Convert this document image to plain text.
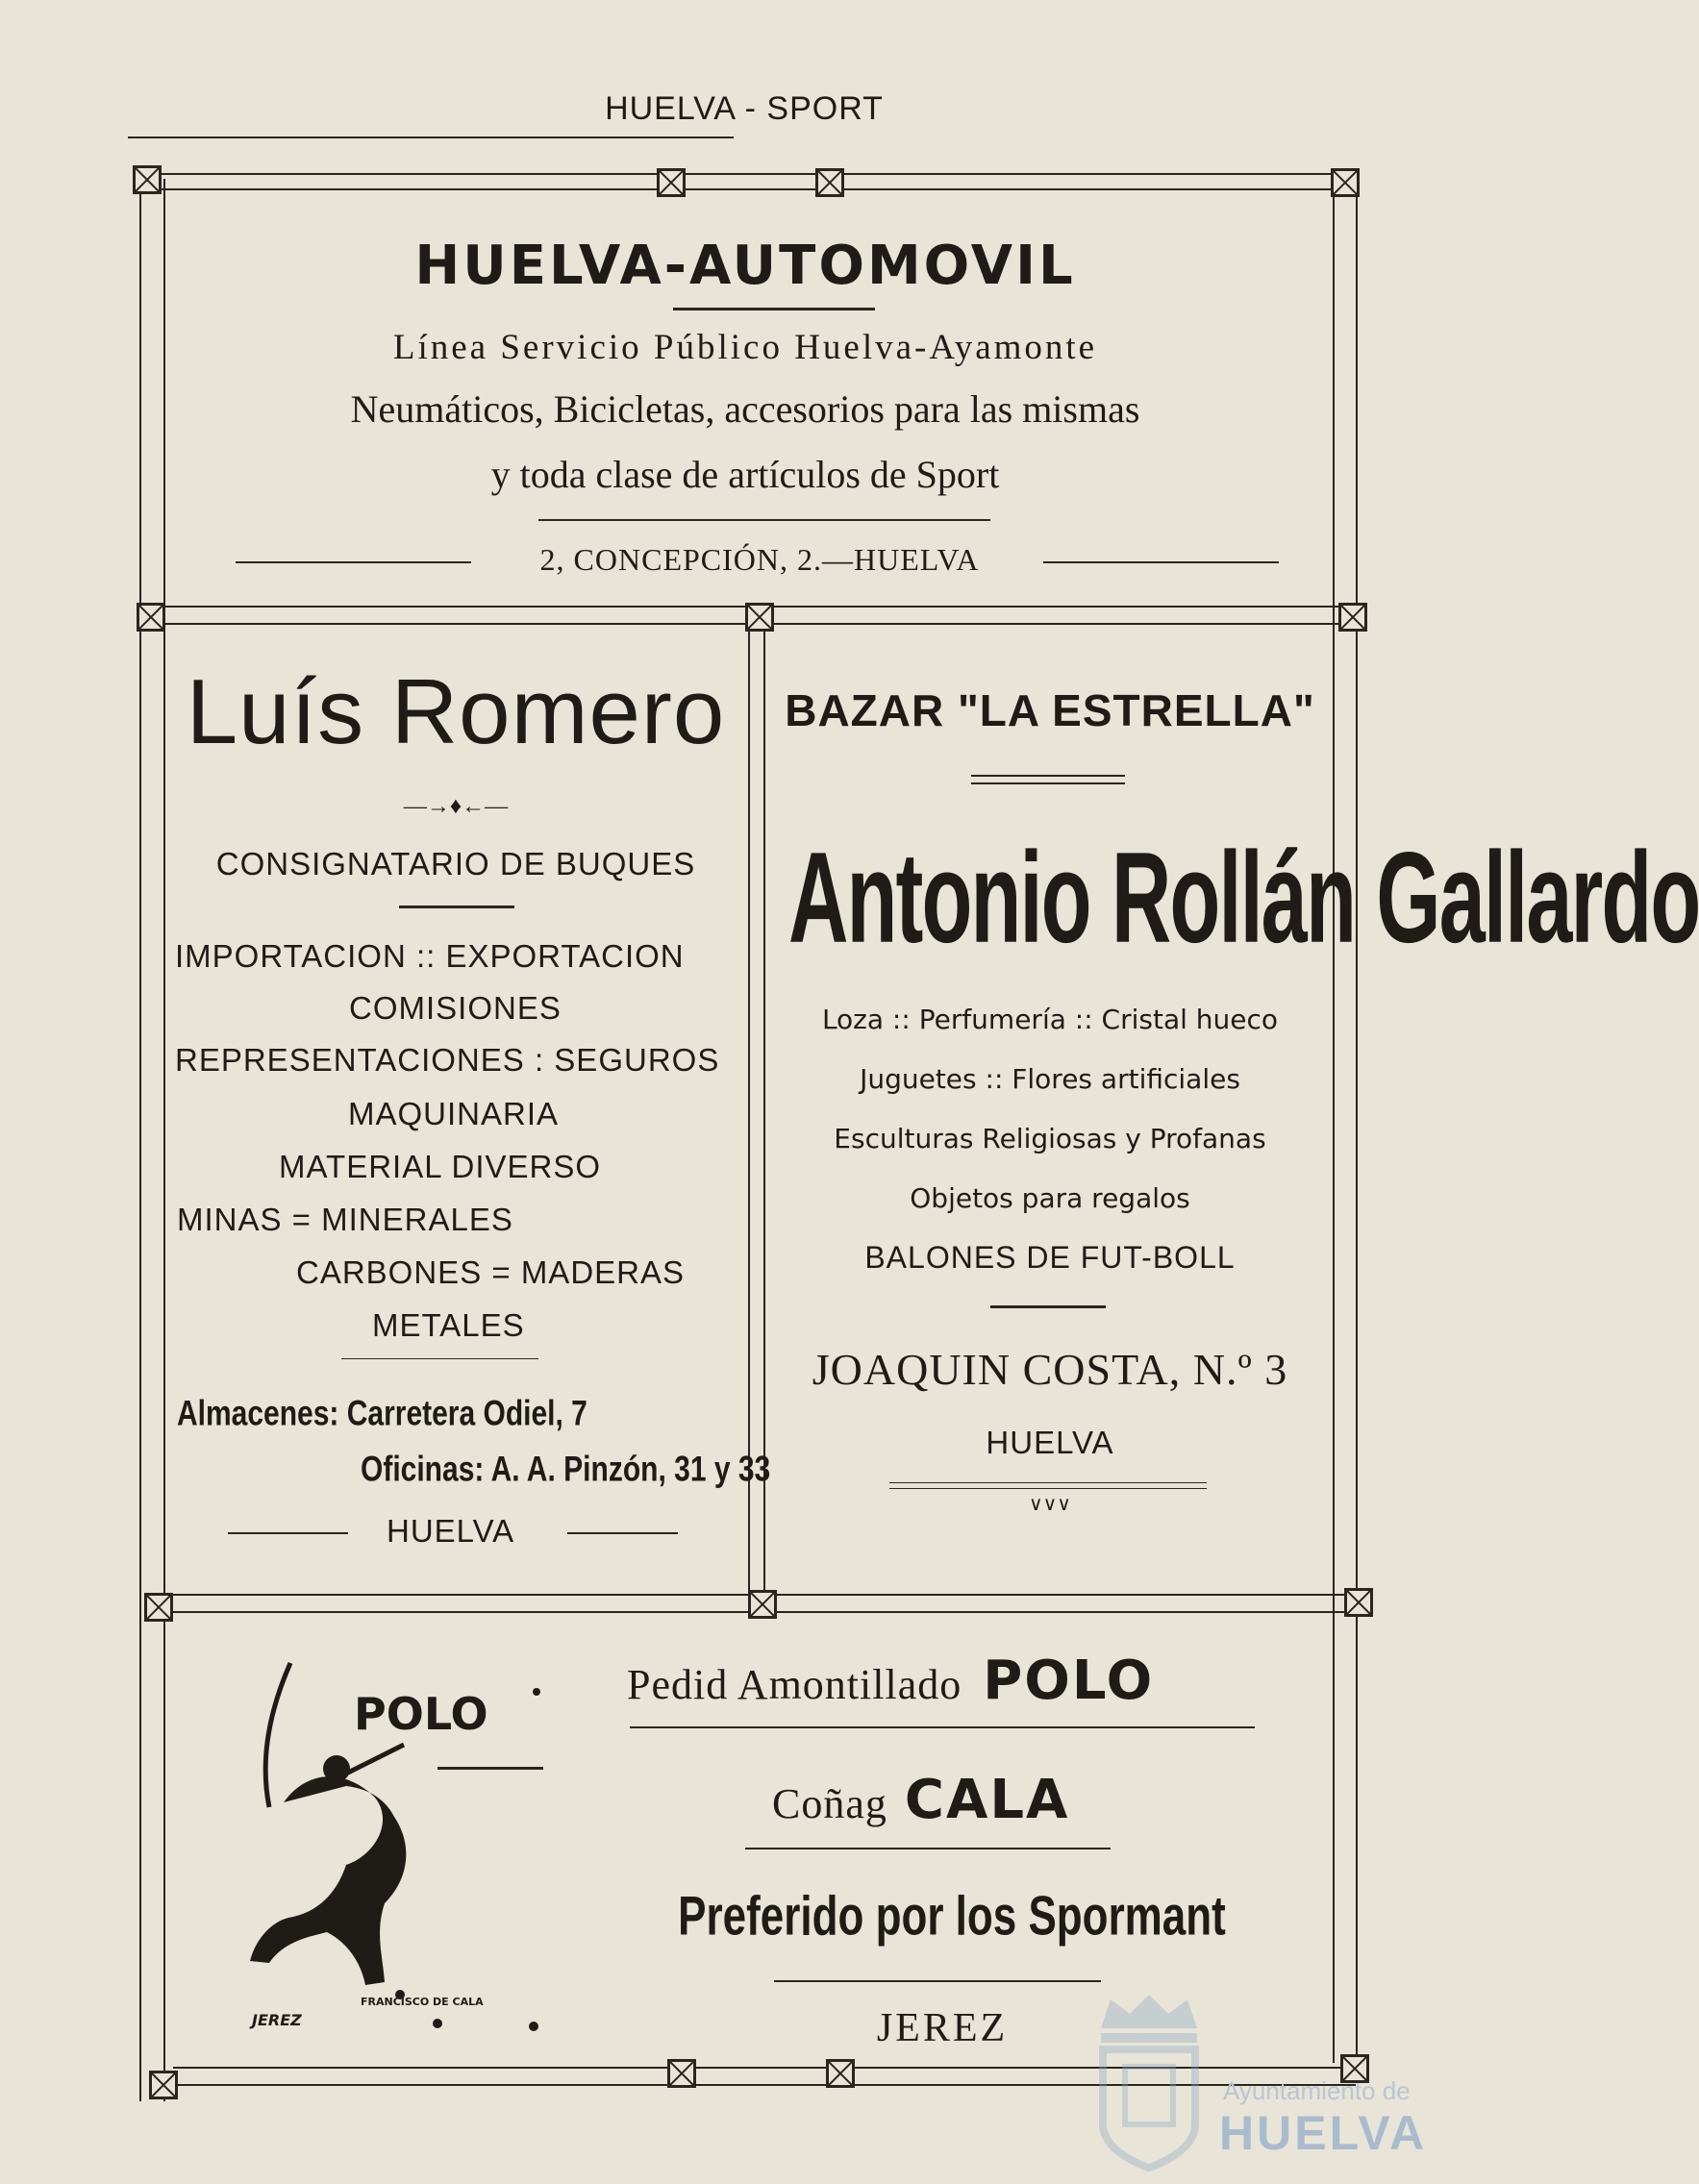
HUELVA - SPORT
HUELVA-AUTOMOVIL
Línea Servicio Público Huelva-Ayamonte
Neumáticos, Bicicletas, accesorios para las mismas
y toda clase de artículos de Sport
2, CONCEPCIÓN, 2.—HUELVA
Luís Romero
—→♦←—
CONSIGNATARIO DE BUQUES
IMPORTACION :: EXPORTACION
COMISIONES
REPRESENTACIONES : SEGUROS
MAQUINARIA
MATERIAL DIVERSO
MINAS = MINERALES
CARBONES = MADERAS
METALES
Almacenes: Carretera Odiel, 7
Oficinas: A. A. Pinzón, 31 y 33
HUELVA
BAZAR "LA ESTRELLA"
Antonio Rollán Gallardo
Loza :: Perfumería :: Cristal hueco
Juguetes :: Flores artificiales
Esculturas Religiosas y Profanas
Objetos para regalos
BALONES DE FUT-BOLL
JOAQUIN COSTA, N.º 3
HUELVA
∨∨∨
POLO
FRANCISCO DE CALA
JEREZ
Pedid Amontillado POLO
Coñag CALA
Preferido por los Spormant
JEREZ
Ayuntamiento de
HUELVA
